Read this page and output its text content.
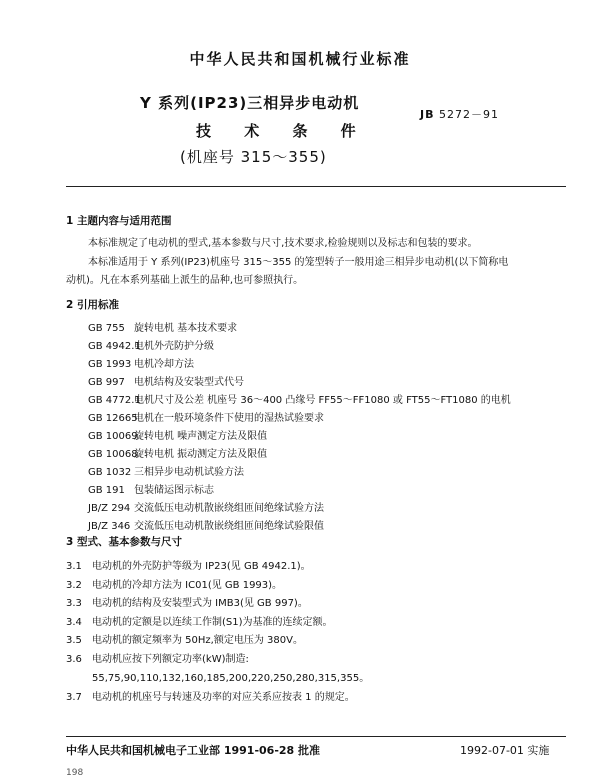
中华人民共和国机械行业标准
Y 系列(IP23)三相异步电动机
技 术 条 件
(机座号 315～355)
JB 5272－91
1 主题内容与适用范围
本标准规定了电动机的型式,基本参数与尺寸,技术要求,检验规则以及标志和包装的要求。
本标准适用于 Y 系列(IP23)机座号 315～355 的笼型转子一般用途三相异步电动机(以下简称电
动机)。凡在本系列基础上派生的品种,也可参照执行。
2 引用标准
GB 755 旋转电机 基本技术要求
GB 4942.1电机外壳防护分级
GB 1993 电机冷却方法
GB 997 电机结构及安装型式代号
GB 4772.1电机尺寸及公差 机座号 36～400 凸缘号 FF55～FF1080 或 FT55～FT1080 的电机
GB 12665电机在一般环境条件下使用的湿热试验要求
GB 10069旋转电机 噪声测定方法及限值
GB 10068旋转电机 振动测定方法及限值
GB 1032 三相异步电动机试验方法
GB 191 包装储运图示标志
JB/Z 294 交流低压电动机散嵌绕组匝间绝缘试验方法
JB/Z 346 交流低压电动机散嵌绕组匝间绝缘试验限值
3 型式、基本参数与尺寸
3.1 电动机的外壳防护等级为 IP23(见 GB 4942.1)。
3.2 电动机的冷却方法为 IC01(见 GB 1993)。
3.3 电动机的结构及安装型式为 IMB3(见 GB 997)。
3.4 电动机的定额是以连续工作制(S1)为基准的连续定额。
3.5 电动机的额定频率为 50Hz,额定电压为 380V。
3.6 电动机应按下列额定功率(kW)制造:
55,75,90,110,132,160,185,200,220,250,280,315,355。
3.7 电动机的机座号与转速及功率的对应关系应按表 1 的规定。
中华人民共和国机械电子工业部 1991-06-28 批准	1992-07-01 实施
198
